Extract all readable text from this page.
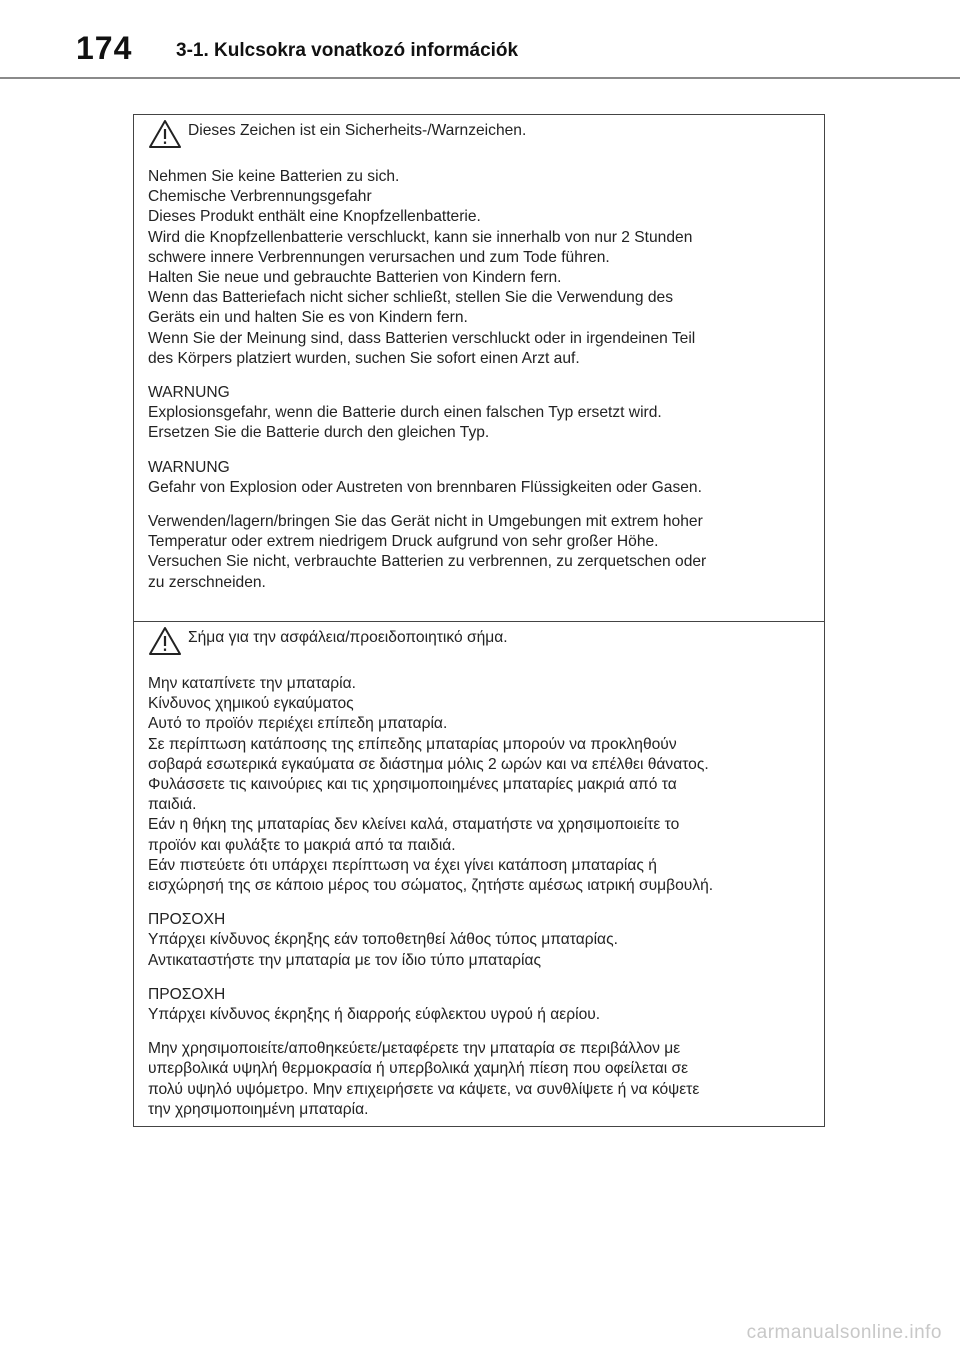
174 3-1. Kulcsokra vonatkozó információk
Dieses Zeichen ist ein Sicherheits-/Warnzeichen.
Nehmen Sie keine Batterien zu sich.
Chemische Verbrennungsgefahr
Dieses Produkt enthält eine Knopfzellenbatterie.
Wird die Knopfzellenbatterie verschluckt, kann sie innerhalb von nur 2 Stunden
schwere innere Verbrennungen verursachen und zum Tode führen.
Halten Sie neue und gebrauchte Batterien von Kindern fern.
Wenn das Batteriefach nicht sicher schließt, stellen Sie die Verwendung des
Geräts ein und halten Sie es von Kindern fern.
Wenn Sie der Meinung sind, dass Batterien verschluckt oder in irgendeinen Teil
des Körpers platziert wurden, suchen Sie sofort einen Arzt auf.
WARNUNG
Explosionsgefahr, wenn die Batterie durch einen falschen Typ ersetzt wird.
Ersetzen Sie die Batterie durch den gleichen Typ.
WARNUNG
Gefahr von Explosion oder Austreten von brennbaren Flüssigkeiten oder Gasen.
Verwenden/lagern/bringen Sie das Gerät nicht in Umgebungen mit extrem hoher
Temperatur oder extrem niedrigem Druck aufgrund von sehr großer Höhe.
Versuchen Sie nicht, verbrauchte Batterien zu verbrennen, zu zerquetschen oder
zu zerschneiden.
Σήμα για την ασφάλεια/προειδοποιητικό σήμα.
Μην καταπίνετε την μπαταρία.
Κίνδυνος χημικού εγκαύματος
Αυτό το προϊόν περιέχει επίπεδη μπαταρία.
Σε περίπτωση κατάποσης της επίπεδης μπαταρίας μπορούν να προκληθούν
σοβαρά εσωτερικά εγκαύματα σε διάστημα μόλις 2 ωρών και να επέλθει θάνατος.
Φυλάσσετε τις καινούριες και τις χρησιμοποιημένες μπαταρίες μακριά από τα
παιδιά.
Εάν η θήκη της μπαταρίας δεν κλείνει καλά, σταματήστε να χρησιμοποιείτε το
προϊόν και φυλάξτε το μακριά από τα παιδιά.
Εάν πιστεύετε ότι υπάρχει περίπτωση να έχει γίνει κατάποση μπαταρίας ή
εισχώρησή της σε κάποιο μέρος του σώματος, ζητήστε αμέσως ιατρική συμβουλή.
ΠΡΟΣΟΧΗ
Υπάρχει κίνδυνος έκρηξης εάν τοποθετηθεί λάθος τύπος μπαταρίας.
Αντικαταστήστε την μπαταρία με τον ίδιο τύπο μπαταρίας
ΠΡΟΣΟΧΗ
Υπάρχει κίνδυνος έκρηξης ή διαρροής εύφλεκτου υγρού ή αερίου.
Μην χρησιμοποιείτε/αποθηκεύετε/μεταφέρετε την μπαταρία σε περιβάλλον με
υπερβολικά υψηλή θερμοκρασία ή υπερβολικά χαμηλή πίεση που οφείλεται σε
πολύ υψηλό υψόμετρο. Μην επιχειρήσετε να κάψετε, να συνθλίψετε ή να κόψετε
την χρησιμοποιημένη μπαταρία.
carmanualsonline.info
